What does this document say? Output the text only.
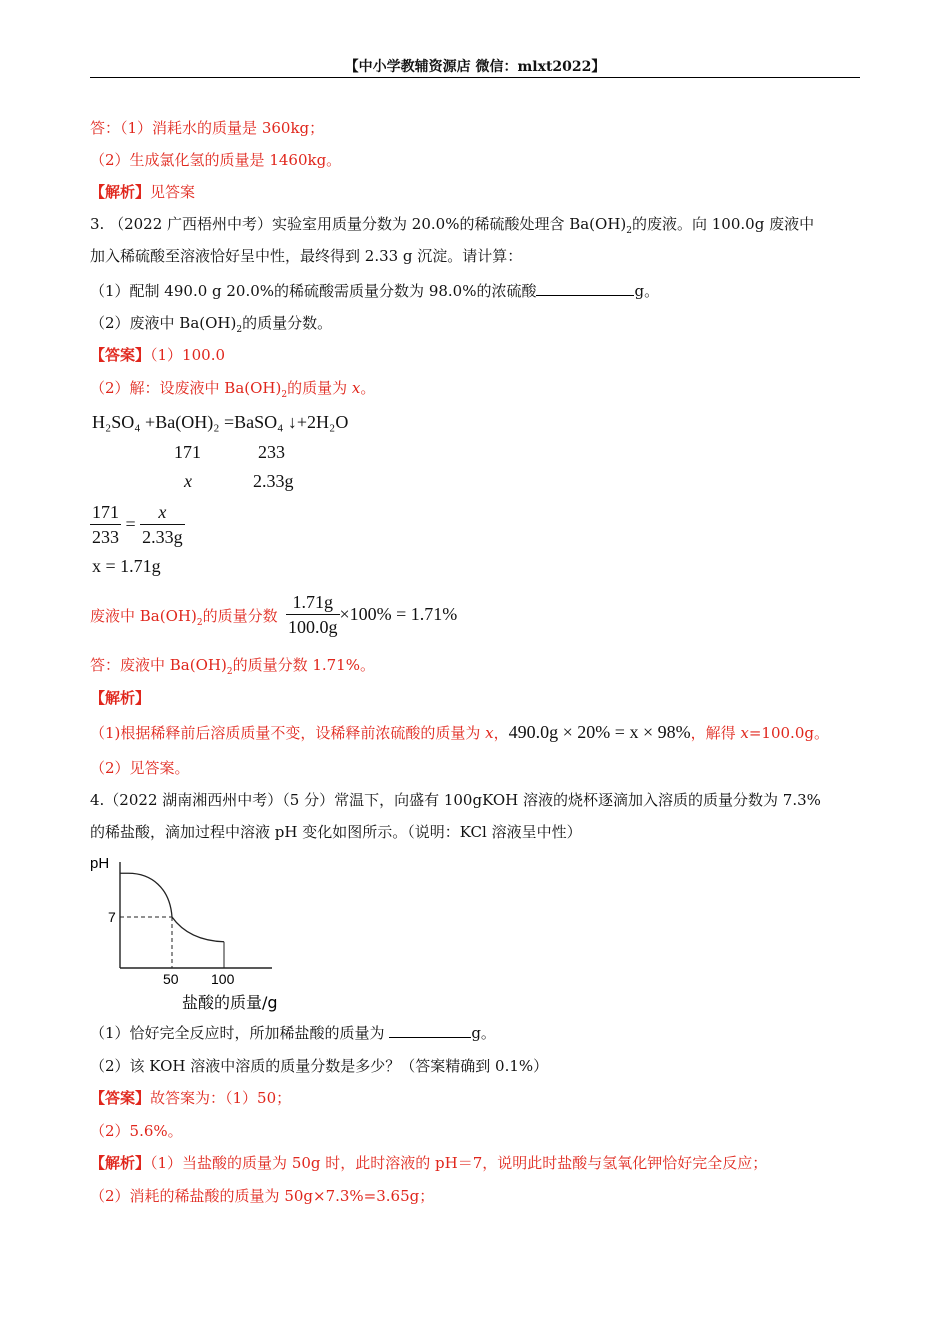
【中小学教辅资源店 微信：mlxt2022】
答：（1）消耗水的质量是 360kg；
（2）生成氯化氢的质量是 1460kg。
【解析】见答案
3. （2022 广西梧州中考）实验室用质量分数为 20.0%的稀硫酸处理含 $Ba(OH)_2$的废液。向 100.0g 废液中
加入稀硫酸至溶液恰好呈中性，最终得到 2.33 g 沉淀。请计算：
（1）配制 490.0 g 20.0%的稀硫酸需质量分数为 98.0%的浓硫酸	g。
（2）废液中 $Ba(OH)_2$的质量分数。
【答案】（1）100.0
（2）解：设废液中 $Ba(OH)_2$的质量为 x。
H₂SO₄ +Ba(OH)₂ =BaSO₄ ↓+2H₂O
171	233
x	2.33g
$\frac{171}{233} = \frac{x}{2.33g}$
x = 1.71g
废液中 $Ba(OH)_2$的质量分数 $\frac{1.71g}{100.0g} \times 100\% = 1.71\%$
答：废液中 $Ba(OH)_2$的质量分数 1.71%。
【解析】
（1)根据稀释前后溶质质量不变，设稀释前浓硫酸的质量为 x，490.0g × 20% = x × 98%，解得 x=100.0g。
（2）见答案。
4.（2022 湖南湘西州中考）（5 分）常温下，向盛有 100gKOH 溶液的烧杯逐滴加入溶质的质量分数为 7.3%
的稀盐酸，滴加过程中溶液 pH 变化如图所示。（说明：KCl 溶液呈中性）
pH
7
50 100
盐酸的质量/g
（1）恰好完全反应时，所加稀盐酸的质量为	g。
（2）该 KOH 溶液中溶质的质量分数是多少？（答案精确到 0.1%）
【答案】故答案为：（1）50；
（2）5.6%。
【解析】（1）当盐酸的质量为 50g 时，此时溶液的 pH＝7，说明此时盐酸与氢氧化钾恰好完全反应；
（2）消耗的稀盐酸的质量为 50g×7.3%=3.65g；
